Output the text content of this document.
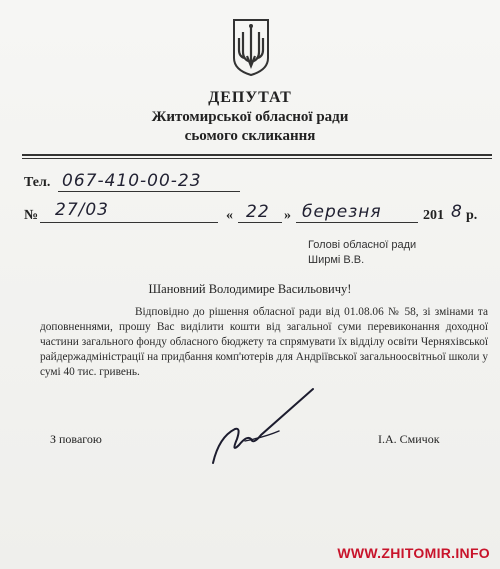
ДЕПУТАТ
Житомирської обласної ради
сьомого скликання
Тел. 067-410-00-23
№ 27/03	« 22 » березня	201 8 р.
Голові обласної ради
Ширмі В.В.
Шановний Володимире Васильовичу!

Відповідно до рішення обласної ради від 01.08.06 № 58, зі змінами та доповненнями, прошу Вас виділити кошти від загальної суми перевиконання доходної частини загального фонду обласного бюджету та спрямувати їх відділу освіти Черняхівської райдержадміністрації на придбання комп'ютерів для Андріївської загальноосвітньої школи у сумі 40 тис. гривень.

З повагою	І.А. Смичок
WWW.ZHITOMIR.INFO
